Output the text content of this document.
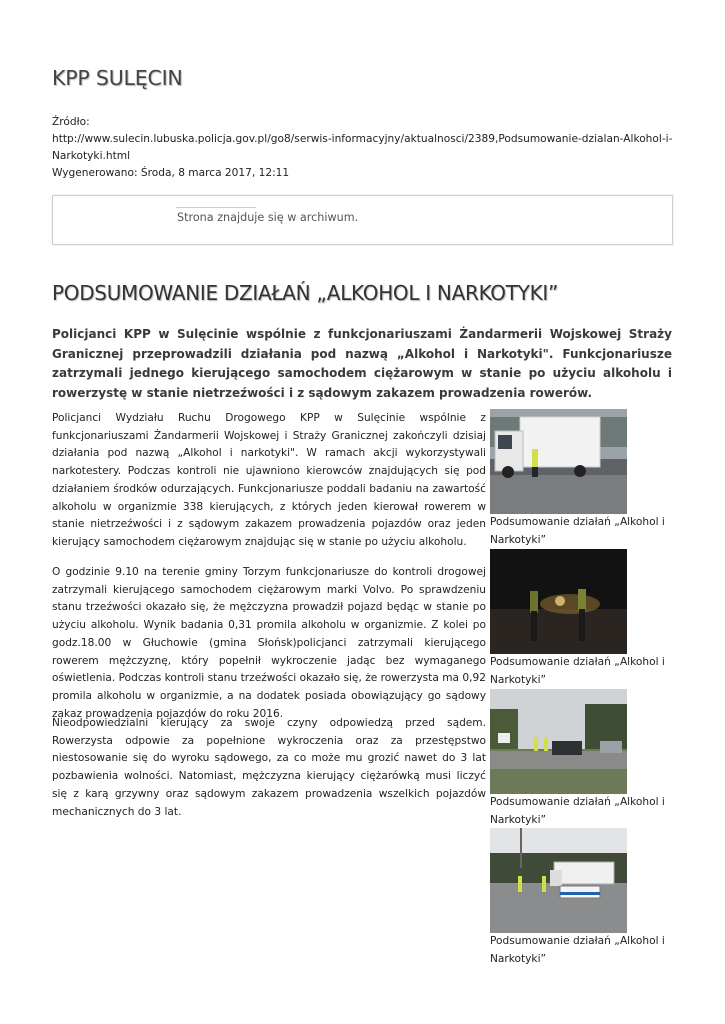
KPP SULĘCIN
Źródło:
http://www.sulecin.lubuska.policja.gov.pl/go8/serwis-informacyjny/aktualnosci/2389,Podsumowanie-dzialan-Alkohol-i-Narkotyki.html
Wygenerowano: Środa, 8 marca 2017, 12:11
Strona znajduje się w archiwum.
PODSUMOWANIE DZIAŁAŃ „ALKOHOL I NARKOTYKI”
Policjanci KPP w Sulęcinie wspólnie z funkcjonariuszami Żandarmerii Wojskowej Straży Granicznej przeprowadzili działania pod nazwą „Alkohol i Narkotyki". Funkcjonariusze zatrzymali jednego kierującego samochodem ciężarowym w stanie po użyciu alkoholu i rowerzystę w stanie nietrzeźwości i z sądowym zakazem prowadzenia rowerów.
Policjanci Wydziału Ruchu Drogowego KPP w Sulęcinie wspólnie z funkcjonariuszami Żandarmerii Wojskowej i Straży Granicznej zakończyli dzisiaj działania pod nazwą „Alkohol i narkotyki". W ramach akcji wykorzystywali narkotestery. Podczas kontroli nie ujawniono kierowców znajdujących się pod działaniem środków odurzających. Funkcjonariusze poddali badaniu na zawartość alkoholu w organizmie 338 kierujących, z których jeden kierował rowerem w stanie nietrzeźwości i z sądowym zakazem prowadzenia pojazdów oraz jeden kierujący samochodem ciężarowym znajdując się w stanie po użyciu alkoholu.
O godzinie 9.10 na terenie gminy Torzym funkcjonariusze do kontroli drogowej zatrzymali kierującego samochodem ciężarowym marki Volvo. Po sprawdzeniu stanu trzeźwości okazało się, że mężczyzna prowadził pojazd będąc w stanie po użyciu alkoholu. Wynik badania 0,31 promila alkoholu w organizmie. Z kolei po godz.18.00 w Głuchowie (gmina Słońsk)policjanci zatrzymali kierującego rowerem mężczyznę, który popełnił wykroczenie jadąc bez wymaganego oświetlenia. Podczas kontroli stanu trzeźwości okazało się, że rowerzysta ma 0,92 promila alkoholu w organizmie, a na dodatek posiada obowiązujący go sądowy zakaz prowadzenia pojazdów do roku 2016.
Nieodpowiedzialni kierujący za swoje czyny odpowiedzą przed sądem. Rowerzysta odpowie za popełnione wykroczenia oraz za przestępstwo niestosowanie się do wyroku sądowego, za co może mu grozić nawet do 3 lat pozbawienia wolności. Natomiast, mężczyzna kierujący ciężarówką musi liczyć się z karą grzywny oraz sądowym zakazem prowadzenia wszelkich pojazdów mechanicznych do 3 lat.
Podsumowanie działań „Alkohol i Narkotyki”
Podsumowanie działań „Alkohol i Narkotyki”
Podsumowanie działań „Alkohol i Narkotyki”
Podsumowanie działań „Alkohol i Narkotyki”
